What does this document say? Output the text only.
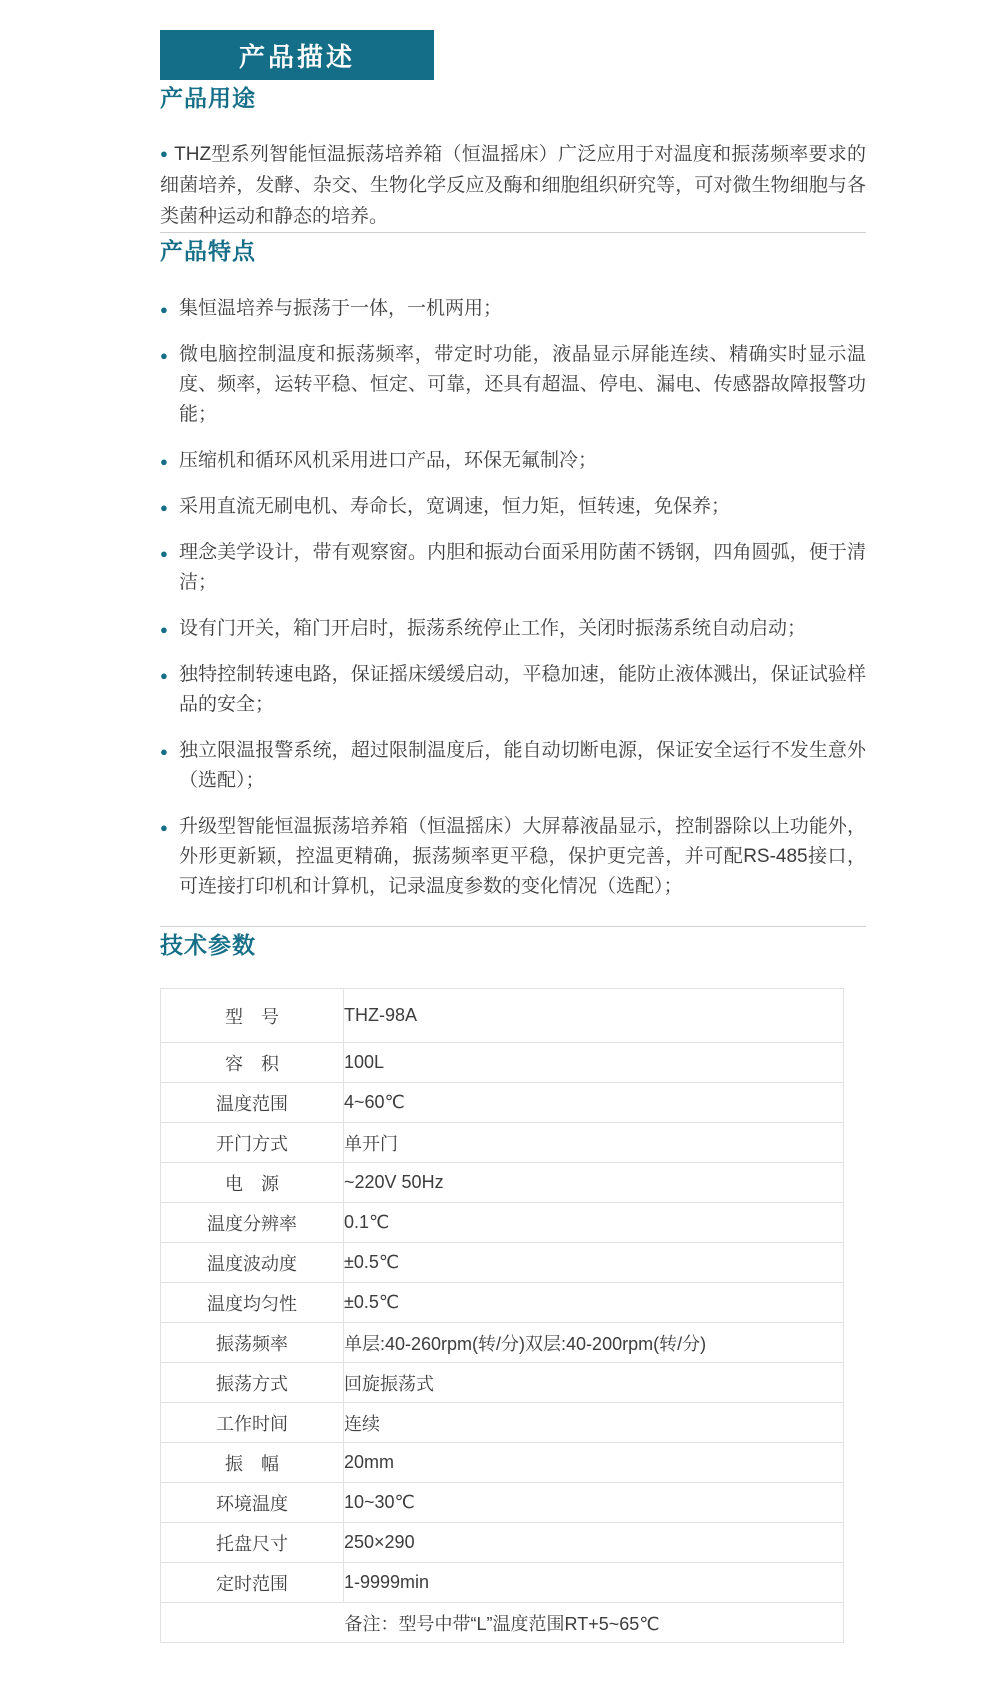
产品描述
产品用途

● THZ型系列智能恒温振荡培养箱（恒温摇床）广泛应用于对温度和振荡频率要求的细菌培养，发酵、杂交、生物化学反应及酶和细胞组织研究等，可对微生物细胞与各类菌种运动和静态的培养。

产品特点
● 集恒温培养与振荡于一体，一机两用；
● 微电脑控制温度和振荡频率，带定时功能，液晶显示屏能连续、精确实时显示温度、频率，运转平稳、恒定、可靠，还具有超温、停电、漏电、传感器故障报警功能；
● 压缩机和循环风机采用进口产品，环保无氟制冷；
● 采用直流无刷电机、寿命长，宽调速，恒力矩，恒转速，免保养；
● 理念美学设计，带有观察窗。内胆和振动台面采用防菌不锈钢，四角圆弧，便于清洁；
● 设有门开关，箱门开启时，振荡系统停止工作，关闭时振荡系统自动启动；
● 独特控制转速电路，保证摇床缓缓启动，平稳加速，能防止液体溅出，保证试验样品的安全；
● 独立限温报警系统，超过限制温度后，能自动切断电源，保证安全运行不发生意外（选配）；
● 升级型智能恒温振荡培养箱（恒温摇床）大屏幕液晶显示，控制器除以上功能外，外形更新颖，控温更精确，振荡频率更平稳，保护更完善，并可配RS-485接口，可连接打印机和计算机，记录温度参数的变化情况（选配）；
技术参数
型　号	THZ-98A
容　积	100L
温度范围	4~60℃
开门方式	单开门
电　源	~220V 50Hz
温度分辨率	0.1℃
温度波动度	±0.5℃
温度均匀性	±0.5℃
振荡频率	单层:40-260rpm(转/分)双层:40-200rpm(转/分)
振荡方式	回旋振荡式
工作时间	连续
振　幅	20mm
环境温度	10~30℃
托盘尺寸	250×290
定时范围	1-9999min
备注：型号中带“L”温度范围RT+5~65℃	
